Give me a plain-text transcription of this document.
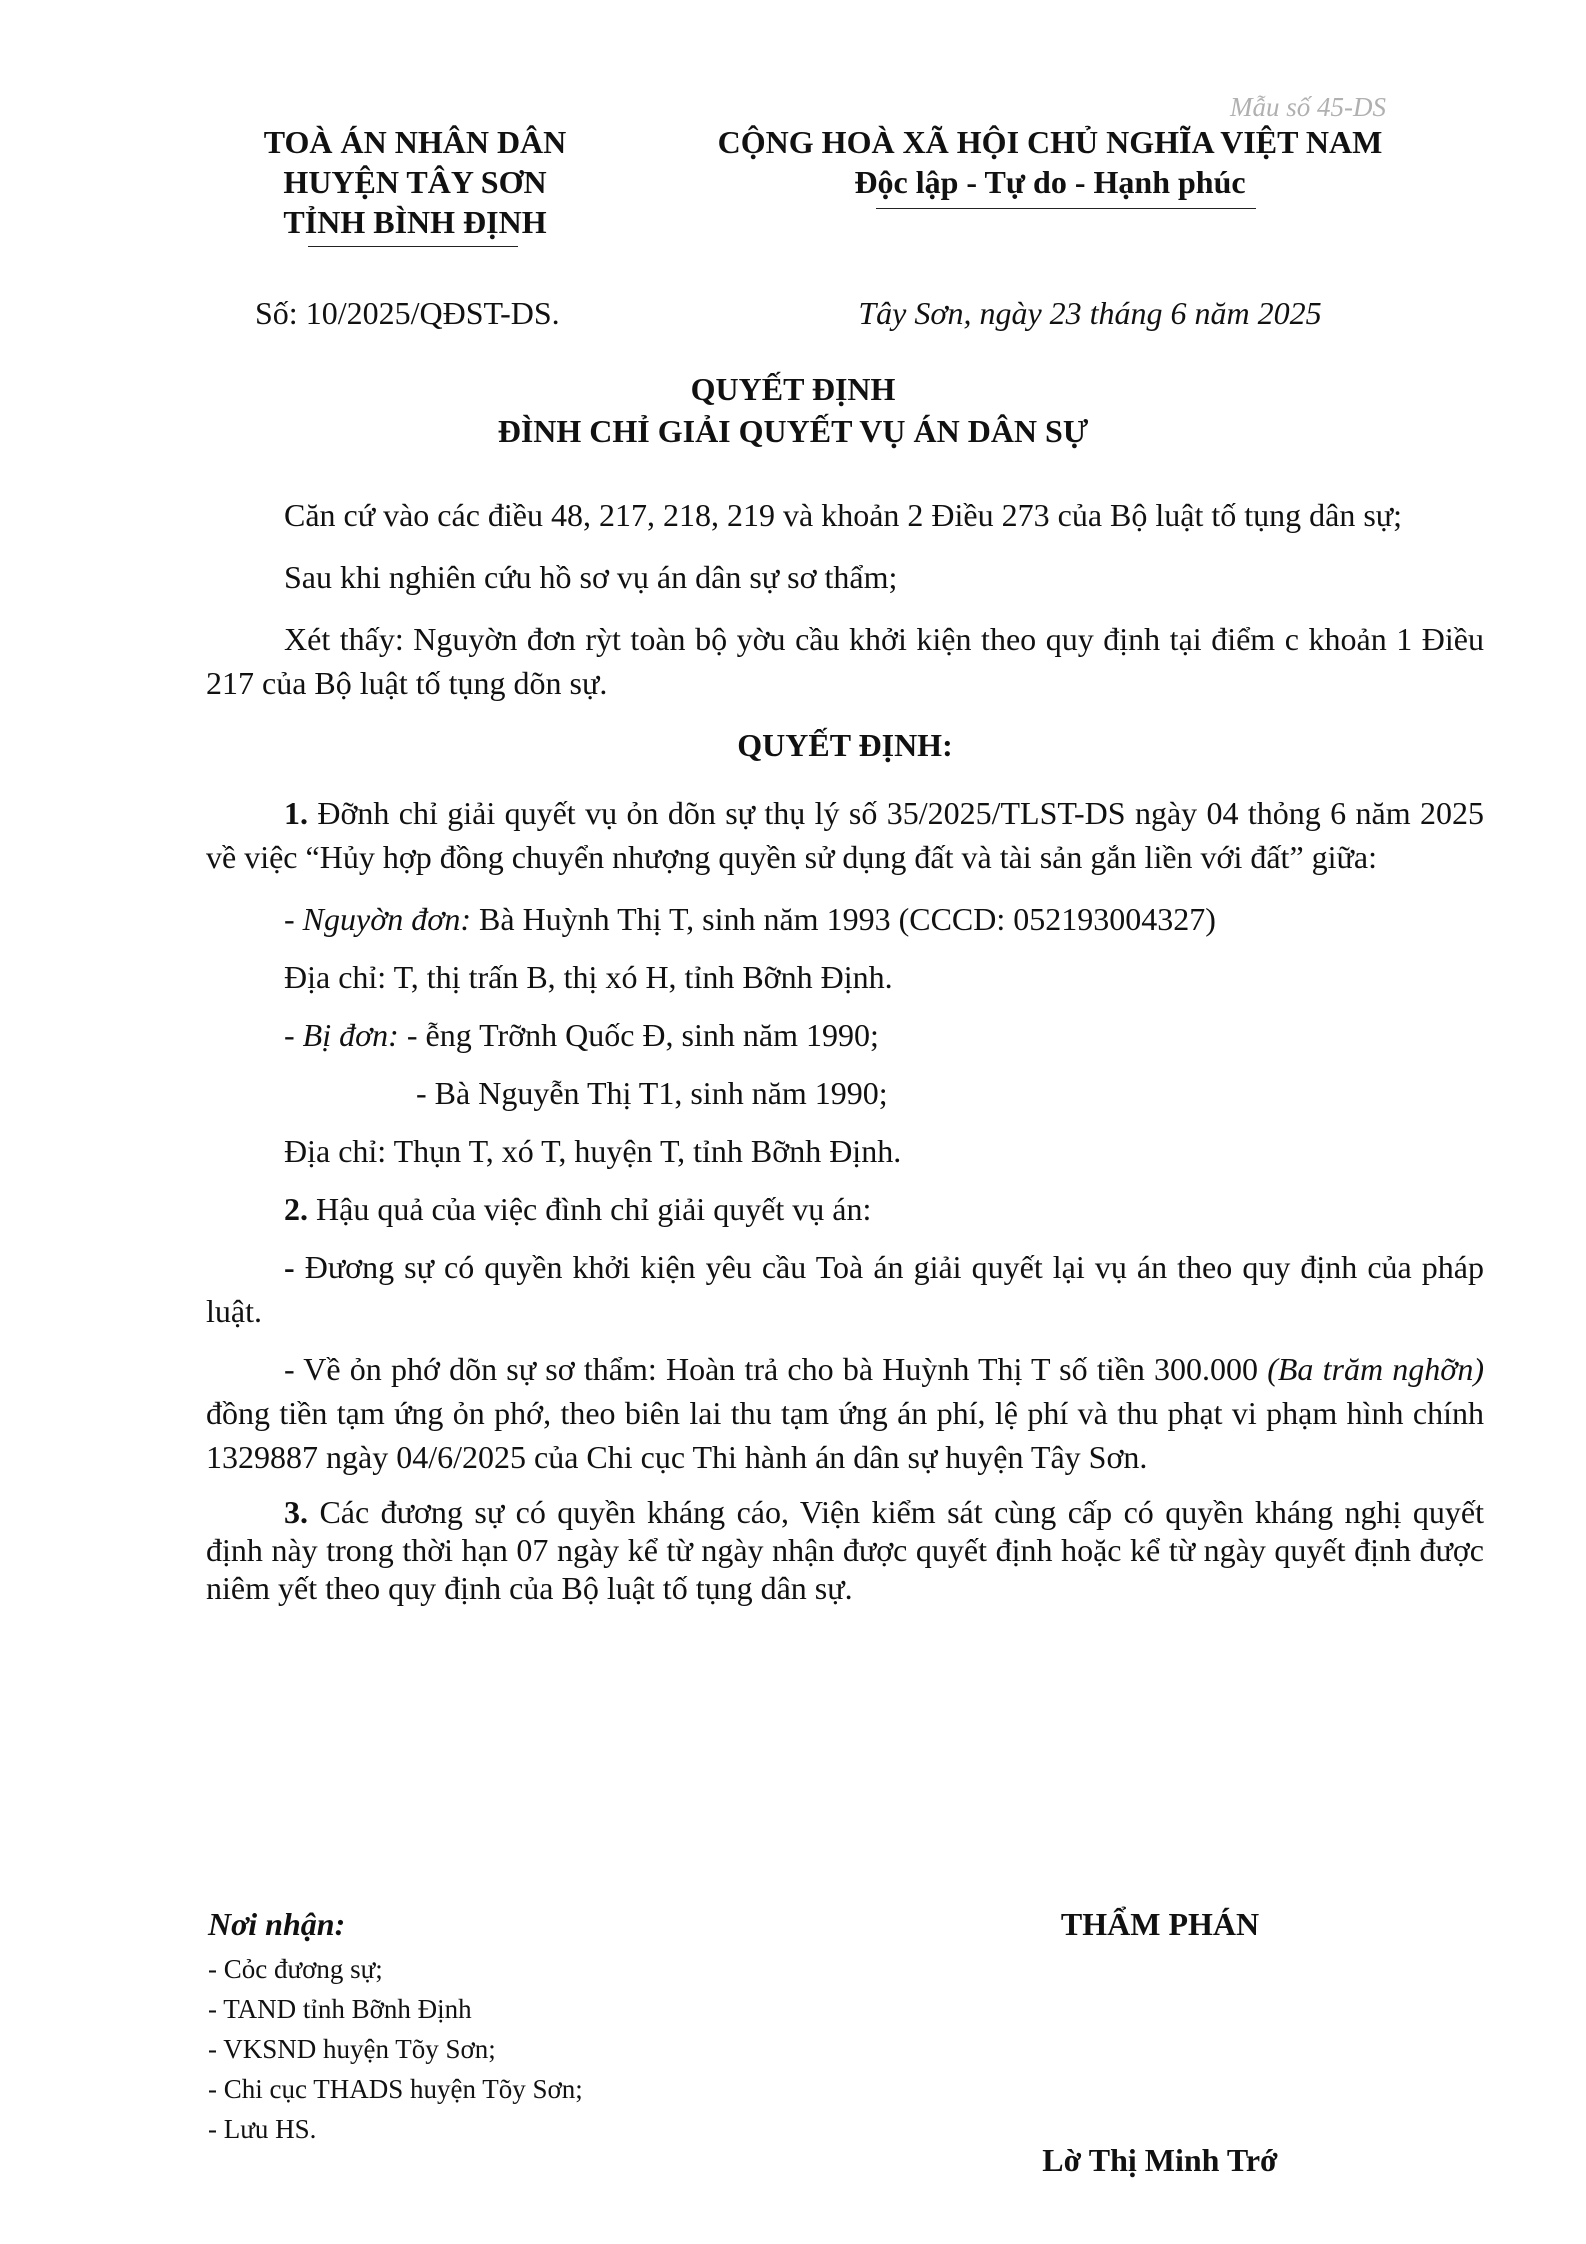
Mẫu số 45-DS
TOÀ ÁN NHÂN DÂN
HUYỆN TÂY SƠN
TỈNH BÌNH ĐỊNH
CỘNG HOÀ XÃ HỘI CHỦ NGHĨA VIỆT NAM
Độc lập - Tự do - Hạnh phúc
Số: 10/2025/QĐST-DS.	Tây Sơn, ngày 23 tháng 6 năm 2025
QUYẾT ĐỊNH
ĐÌNH CHỈ GIẢI QUYẾT VỤ ÁN DÂN SỰ

Căn cứ vào các điều 48, 217, 218, 219 và khoản 2 Điều 273 của Bộ luật tố tụng dân sự;

Sau khi nghiên cứu hồ sơ vụ án dân sự sơ thẩm;

Xét thấy: Nguyờn đơn rỳt toàn bộ yờu cầu khởi kiện theo quy định tại điểm c khoản 1 Điều 217 của Bộ luật tố tụng dõn sự.

QUYẾT ĐỊNH:

1. Đỡnh chỉ giải quyết vụ ỏn dõn sự thụ lý số 35/2025/TLST-DS ngày 04 thỏng 6 năm 2025 về việc “Hủy hợp đồng chuyển nhượng quyền sử dụng đất và tài sản gắn liền với đất” giữa:

- Nguyờn đơn: Bà Huỳnh Thị T, sinh năm 1993 (CCCD: 052193004327)

Địa chỉ: T, thị trấn B, thị xó H, tỉnh Bỡnh Định.

- Bị đơn: - ễng Trỡnh Quốc Đ, sinh năm 1990;

- Bà Nguyễn Thị T1, sinh năm 1990;

Địa chỉ: Thụn T, xó T, huyện T, tỉnh Bỡnh Định.

2. Hậu quả của việc đình chỉ giải quyết vụ án:

- Đương sự có quyền khởi kiện yêu cầu Toà án giải quyết lại vụ án theo quy định của pháp luật.

- Về ỏn phớ dõn sự sơ thẩm: Hoàn trả cho bà Huỳnh Thị T số tiền 300.000 (Ba trăm nghỡn) đồng tiền tạm ứng ỏn phớ, theo biên lai thu tạm ứng án phí, lệ phí và thu phạt vi phạm hình chính 1329887 ngày 04/6/2025 của Chi cục Thi hành án dân sự huyện Tây Sơn.

3. Các đương sự có quyền kháng cáo, Viện kiểm sát cùng cấp có quyền kháng nghị quyết định này trong thời hạn 07 ngày kể từ ngày nhận được quyết định hoặc kể từ ngày quyết định được niêm yết theo quy định của Bộ luật tố tụng dân sự.

Nơi nhận:
- Cỏc đương sự;
- TAND tỉnh Bỡnh Định
- VKSND huyện Tõy Sơn;
- Chi cục THADS huyện Tõy Sơn;
- Lưu HS.
THẨM PHÁN
Lờ Thị Minh Trớ
